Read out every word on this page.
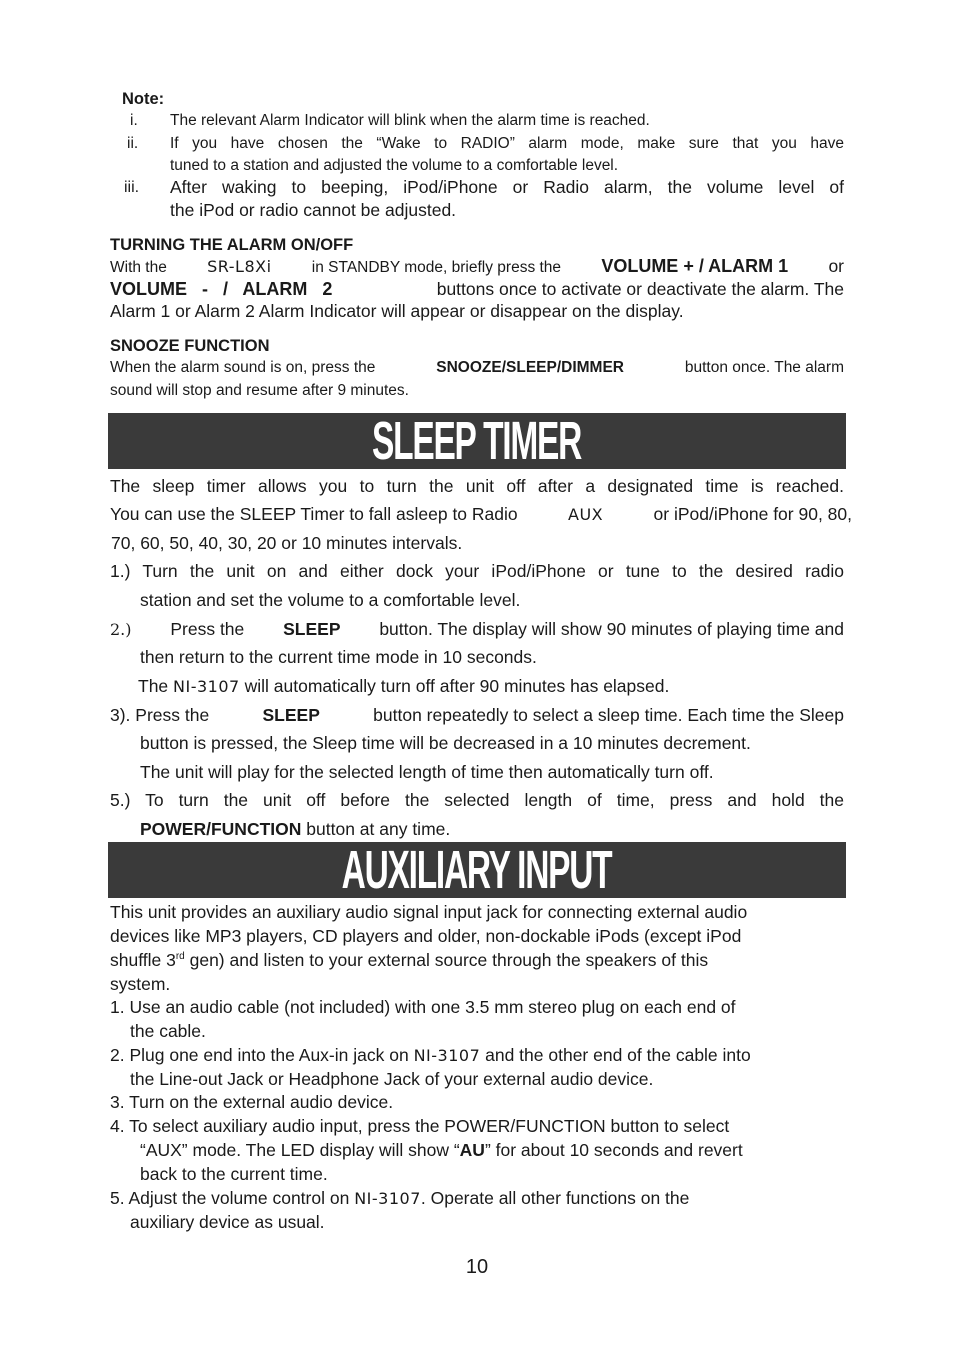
Note:
i. The relevant Alarm Indicator will blink when the alarm time is reached.
ii. If you have chosen the “Wake to RADIO” alarm mode, make sure that you have
tuned to a station and adjusted the volume to a comfortable level.
iii. After waking to beeping, iPod/iPhone or Radio alarm, the volume level of
the iPod or radio cannot be adjusted.
TURNING THE ALARM ON/OFF
With the	SR-L8Xi	in STANDBY mode, briefly press the VOLUME + / ALARM 1 or
VOLUME - / ALARM 2	buttons once to activate or deactivate the alarm. The
Alarm 1 or Alarm 2 Alarm Indicator will appear or disappear on the display.
SNOOZE FUNCTION
When the alarm sound is on, press the	SNOOZE/SLEEP/DIMMER	button once. The alarm
sound will stop and resume after 9 minutes.
SLEEP TIMER
The sleep timer allows you to turn the unit off after a designated time is reached.
You can use the SLEEP Timer to fall asleep to Radio	AUX	or iPod/iPhone for 90, 80,
70, 60, 50, 40, 30, 20 or 10 minutes intervals.
1.) Turn the unit on and either dock your iPod/iPhone or tune to the desired radio
station and set the volume to a comfortable level.
2.) Press the SLEEP button. The display will show 90 minutes of playing time and
then return to the current time mode in 10 seconds.
The NI-3107 will automatically turn off after 90 minutes has elapsed.
3). Press the	SLEEP	button repeatedly to select a sleep time. Each time the Sleep
button is pressed, the Sleep time will be decreased in a 10 minutes decrement.
The unit will play for the selected length of time then automatically turn off.
5.) To turn the unit off before the selected length of time, press and hold the
POWER/FUNCTION button at any time.
AUXILIARY INPUT
This unit provides an auxiliary audio signal input jack for connecting external audio
devices like MP3 players, CD players and older, non-dockable iPods (except iPod
shuffle 3rd gen) and listen to your external source through the speakers of this
system.
1. Use an audio cable (not included) with one 3.5 mm stereo plug on each end of
the cable.
2. Plug one end into the Aux-in jack on NI-3107 and the other end of the cable into
the Line-out Jack or Headphone Jack of your external audio device.
3. Turn on the external audio device.
4. To select auxiliary audio input, press the POWER/FUNCTION button to select
“AUX” mode. The LED display will show “AU” for about 10 seconds and revert
back to the current time.
5. Adjust the volume control on NI-3107. Operate all other functions on the
auxiliary device as usual.
10
